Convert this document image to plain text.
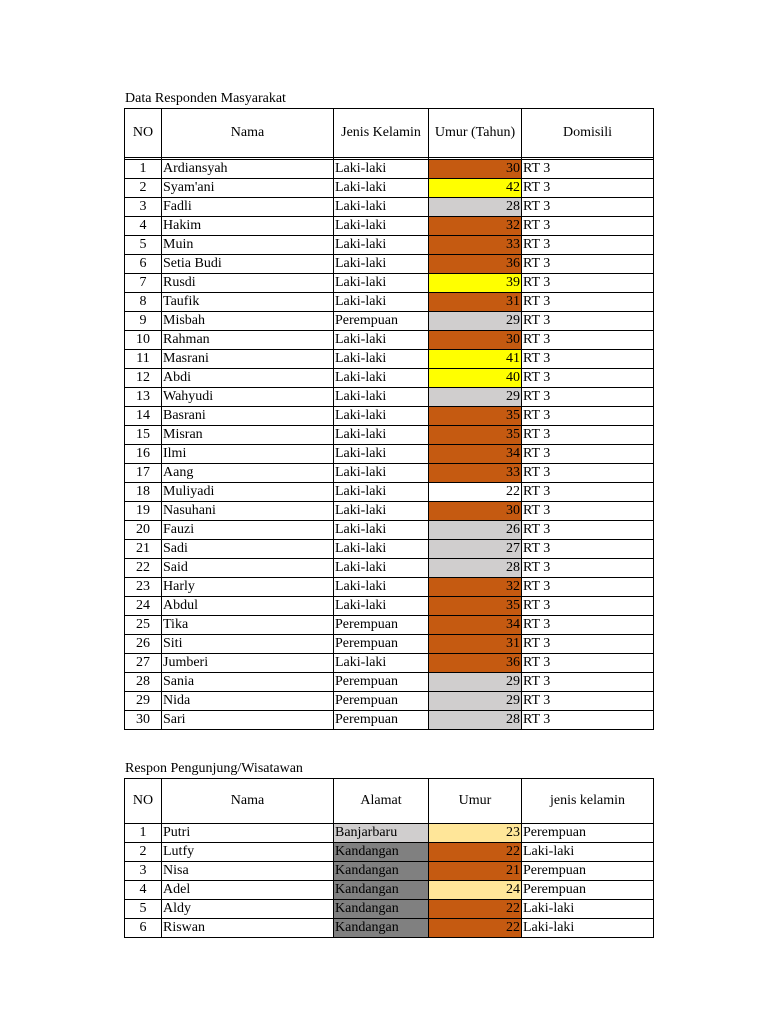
Data Responden Masyarakat
NO	Nama	Jenis Kelamin	Umur (Tahun)	Domisili

1	Ardiansyah	Laki-laki	30	RT 3
2	Syam'ani	Laki-laki	42	RT 3
3	Fadli	Laki-laki	28	RT 3
4	Hakim	Laki-laki	32	RT 3
5	Muin	Laki-laki	33	RT 3
6	Setia Budi	Laki-laki	36	RT 3
7	Rusdi	Laki-laki	39	RT 3
8	Taufik	Laki-laki	31	RT 3
9	Misbah	Perempuan	29	RT 3
10	Rahman	Laki-laki	30	RT 3
11	Masrani	Laki-laki	41	RT 3
12	Abdi	Laki-laki	40	RT 3
13	Wahyudi	Laki-laki	29	RT 3
14	Basrani	Laki-laki	35	RT 3
15	Misran	Laki-laki	35	RT 3
16	Ilmi	Laki-laki	34	RT 3
17	Aang	Laki-laki	33	RT 3
18	Muliyadi	Laki-laki	22	RT 3
19	Nasuhani	Laki-laki	30	RT 3
20	Fauzi	Laki-laki	26	RT 3
21	Sadi	Laki-laki	27	RT 3
22	Said	Laki-laki	28	RT 3
23	Harly	Laki-laki	32	RT 3
24	Abdul	Laki-laki	35	RT 3
25	Tika	Perempuan	34	RT 3
26	Siti	Perempuan	31	RT 3
27	Jumberi	Laki-laki	36	RT 3
28	Sania	Perempuan	29	RT 3
29	Nida	Perempuan	29	RT 3
30	Sari	Perempuan	28	RT 3
Respon Pengunjung/Wisatawan
NO	Nama	Alamat	Umur	jenis kelamin
1	Putri	Banjarbaru	23	Perempuan
2	Lutfy	Kandangan	22	Laki-laki
3	Nisa	Kandangan	21	Perempuan
4	Adel	Kandangan	24	Perempuan
5	Aldy	Kandangan	22	Laki-laki
6	Riswan	Kandangan	22	Laki-laki
